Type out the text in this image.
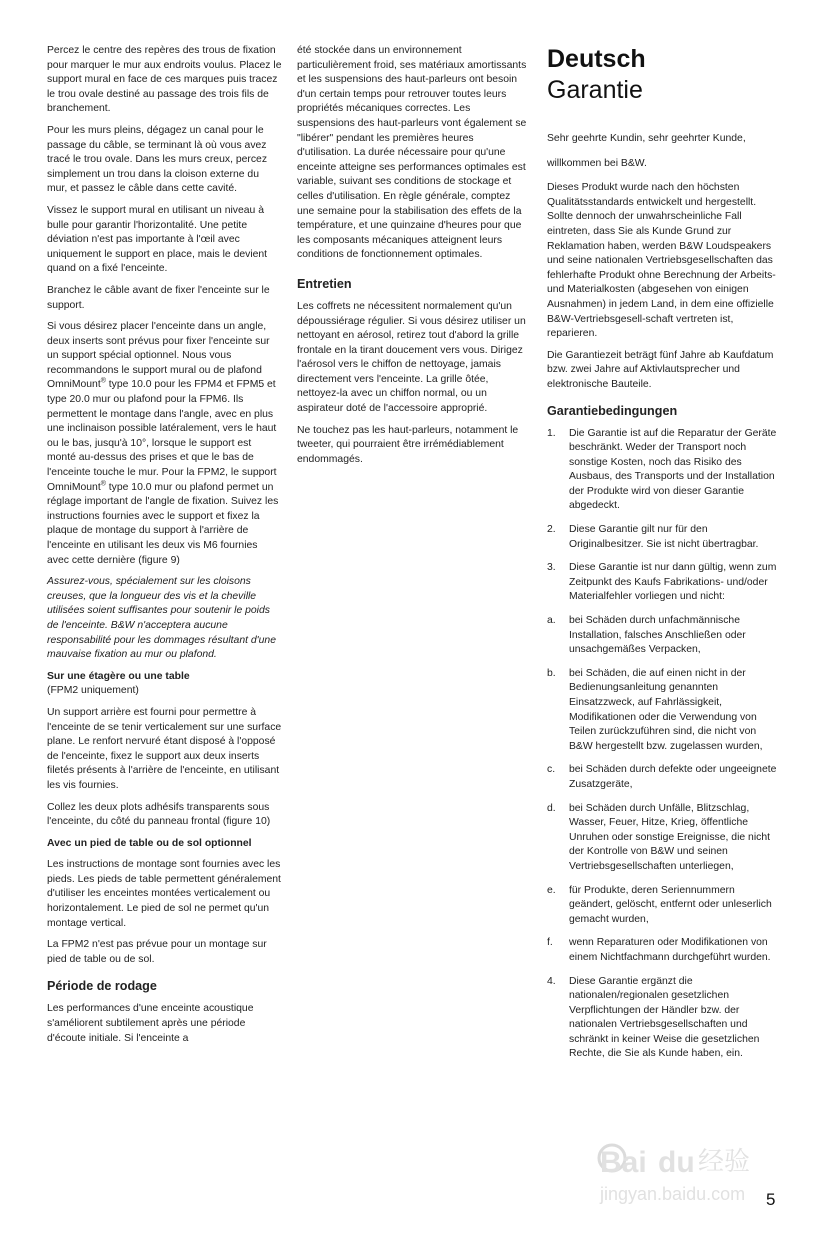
Percez le centre des repères des trous de fixation pour marquer le mur aux endroits voulus. Placez le support mural en face de ces marques puis tracez le trou ovale destiné au passage des trois fils de branchement.

Pour les murs pleins, dégagez un canal pour le passage du câble, se terminant là où vous avez tracé le trou ovale. Dans les murs creux, percez simplement un trou dans la cloison externe du mur, et passez le câble dans cette cavité.

Vissez le support mural en utilisant un niveau à bulle pour garantir l'horizontalité. Une petite déviation n'est pas importante à l'œil avec uniquement le support en place, mais le devient quand on a fixé l'enceinte.

Branchez le câble avant de fixer l'enceinte sur le support.

Si vous désirez placer l'enceinte dans un angle, deux inserts sont prévus pour fixer l'enceinte sur un support spécial optionnel. Nous vous recommandons le support mural ou de plafond OmniMount® type 10.0 pour les FPM4 et FPM5 et type 20.0 mur ou plafond pour la FPM6. Ils permettent le montage dans l'angle, avec en plus une inclinaison possible latéralement, vers le haut ou le bas, jusqu'à 10°, lorsque le support est monté au-dessus des prises et que le bas de l'enceinte touche le mur. Pour la FPM2, le support OmniMount® type 10.0 mur ou plafond permet un réglage important de l'angle de fixation. Suivez les instructions fournies avec le support et fixez la plaque de montage du support à l'arrière de l'enceinte en utilisant les deux vis M6 fournies avec cette dernière (figure 9)

Assurez-vous, spécialement sur les cloisons creuses, que la longueur des vis et la cheville utilisées soient suffisantes pour soutenir le poids de l'enceinte. B&W n'acceptera aucune responsabilité pour les dommages résultant d'une mauvaise fixation au mur ou plafond.

Sur une étagère ou une table

(FPM2 uniquement)

Un support arrière est fourni pour permettre à l'enceinte de se tenir verticalement sur une surface plane. Le renfort nervuré étant disposé à l'opposé de l'enceinte, fixez le support aux deux inserts filetés présents à l'arrière de l'enceinte, en utilisant les vis fournies.

Collez les deux plots adhésifs transparents sous l'enceinte, du côté du panneau frontal (figure 10)

Avec un pied de table ou de sol optionnel

Les instructions de montage sont fournies avec les pieds. Les pieds de table permettent généralement d'utiliser les enceintes montées verticalement ou horizontalement. Le pied de sol ne permet qu'un montage vertical.

La FPM2 n'est pas prévue pour un montage sur pied de table ou de sol.

Période de rodage

Les performances d'une enceinte acoustique s'améliorent subtilement après une période d'écoute initiale. Si l'enceinte a

été stockée dans un environnement particulièrement froid, ses matériaux amortissants et les suspensions des haut-parleurs ont besoin d'un certain temps pour retrouver toutes leurs propriétés mécaniques correctes. Les suspensions des haut-parleurs vont également se "libérer" pendant les premières heures d'utilisation. La durée nécessaire pour qu'une enceinte atteigne ses performances optimales est variable, suivant ses conditions de stockage et celles d'utilisation. En règle générale, comptez une semaine pour la stabilisation des effets de la température, et une quinzaine d'heures pour que les composants mécaniques atteignent leurs conditions de fonctionnement optimales.

Entretien

Les coffrets ne nécessitent normalement qu'un dépoussiérage régulier. Si vous désirez utiliser un nettoyant en aérosol, retirez tout d'abord la grille frontale en la tirant doucement vers vous. Dirigez l'aérosol vers le chiffon de nettoyage, jamais directement vers l'enceinte. La grille ôtée, nettoyez-la avec un chiffon normal, ou un aspirateur doté de l'accessoire approprié.

Ne touchez pas les haut-parleurs, notamment le tweeter, qui pourraient être irrémédiablement endommagés.

Deutsch
Garantie

Sehr geehrte Kundin, sehr geehrter Kunde,

willkommen bei B&W.

Dieses Produkt wurde nach den höchsten Qualitätsstandards entwickelt und hergestellt. Sollte dennoch der unwahrscheinliche Fall eintreten, dass Sie als Kunde Grund zur Reklamation haben, werden B&W Loudspeakers und seine nationalen Vertriebsgesellschaften das fehlerhafte Produkt ohne Berechnung der Arbeits- und Materialkosten (abgesehen von einigen Ausnahmen) in jedem Land, in dem eine offizielle B&W-Vertriebsgesell-schaft vertreten ist, reparieren.

Die Garantiezeit beträgt fünf Jahre ab Kaufdatum bzw. zwei Jahre auf Aktivlautsprecher und elektronische Bauteile.

Garantiebedingungen
1. Die Garantie ist auf die Reparatur der Geräte beschränkt. Weder der Transport noch sonstige Kosten, noch das Risiko des Ausbaus, des Transports und der Installation der Produkte wird von dieser Garantie abgedeckt.
2. Diese Garantie gilt nur für den Originalbesitzer. Sie ist nicht übertragbar.
3. Diese Garantie ist nur dann gültig, wenn zum Zeitpunkt des Kaufs Fabrikations- und/oder Materialfehler vorliegen und nicht:
a. bei Schäden durch unfachmännische Installation, falsches Anschließen oder unsachgemäßes Verpacken,
b. bei Schäden, die auf einen nicht in der Bedienungsanleitung genannten Einsatzzweck, auf Fahrlässigkeit, Modifikationen oder die Verwendung von Teilen zurückzuführen sind, die nicht von B&W hergestellt bzw. zugelassen wurden,
c. bei Schäden durch defekte oder ungeeignete Zusatzgeräte,
d. bei Schäden durch Unfälle, Blitzschlag, Wasser, Feuer, Hitze, Krieg, öffentliche Unruhen oder sonstige Ereignisse, die nicht der Kontrolle von B&W und seinen Vertriebsgesellschaften unterliegen,
e. für Produkte, deren Seriennummern geändert, gelöscht, entfernt oder unleserlich gemacht wurden,
f. wenn Reparaturen oder Modifikationen von einem Nichtfachmann durchgeführt wurden.
4. Diese Garantie ergänzt die nationalen/regionalen gesetzlichen Verpflichtungen der Händler bzw. der nationalen Vertriebsgesellschaften und schränkt in keiner Weise die gesetzlichen Rechte, die Sie als Kunde haben, ein.
5
Bai du 经验
jingyan.baidu.com
